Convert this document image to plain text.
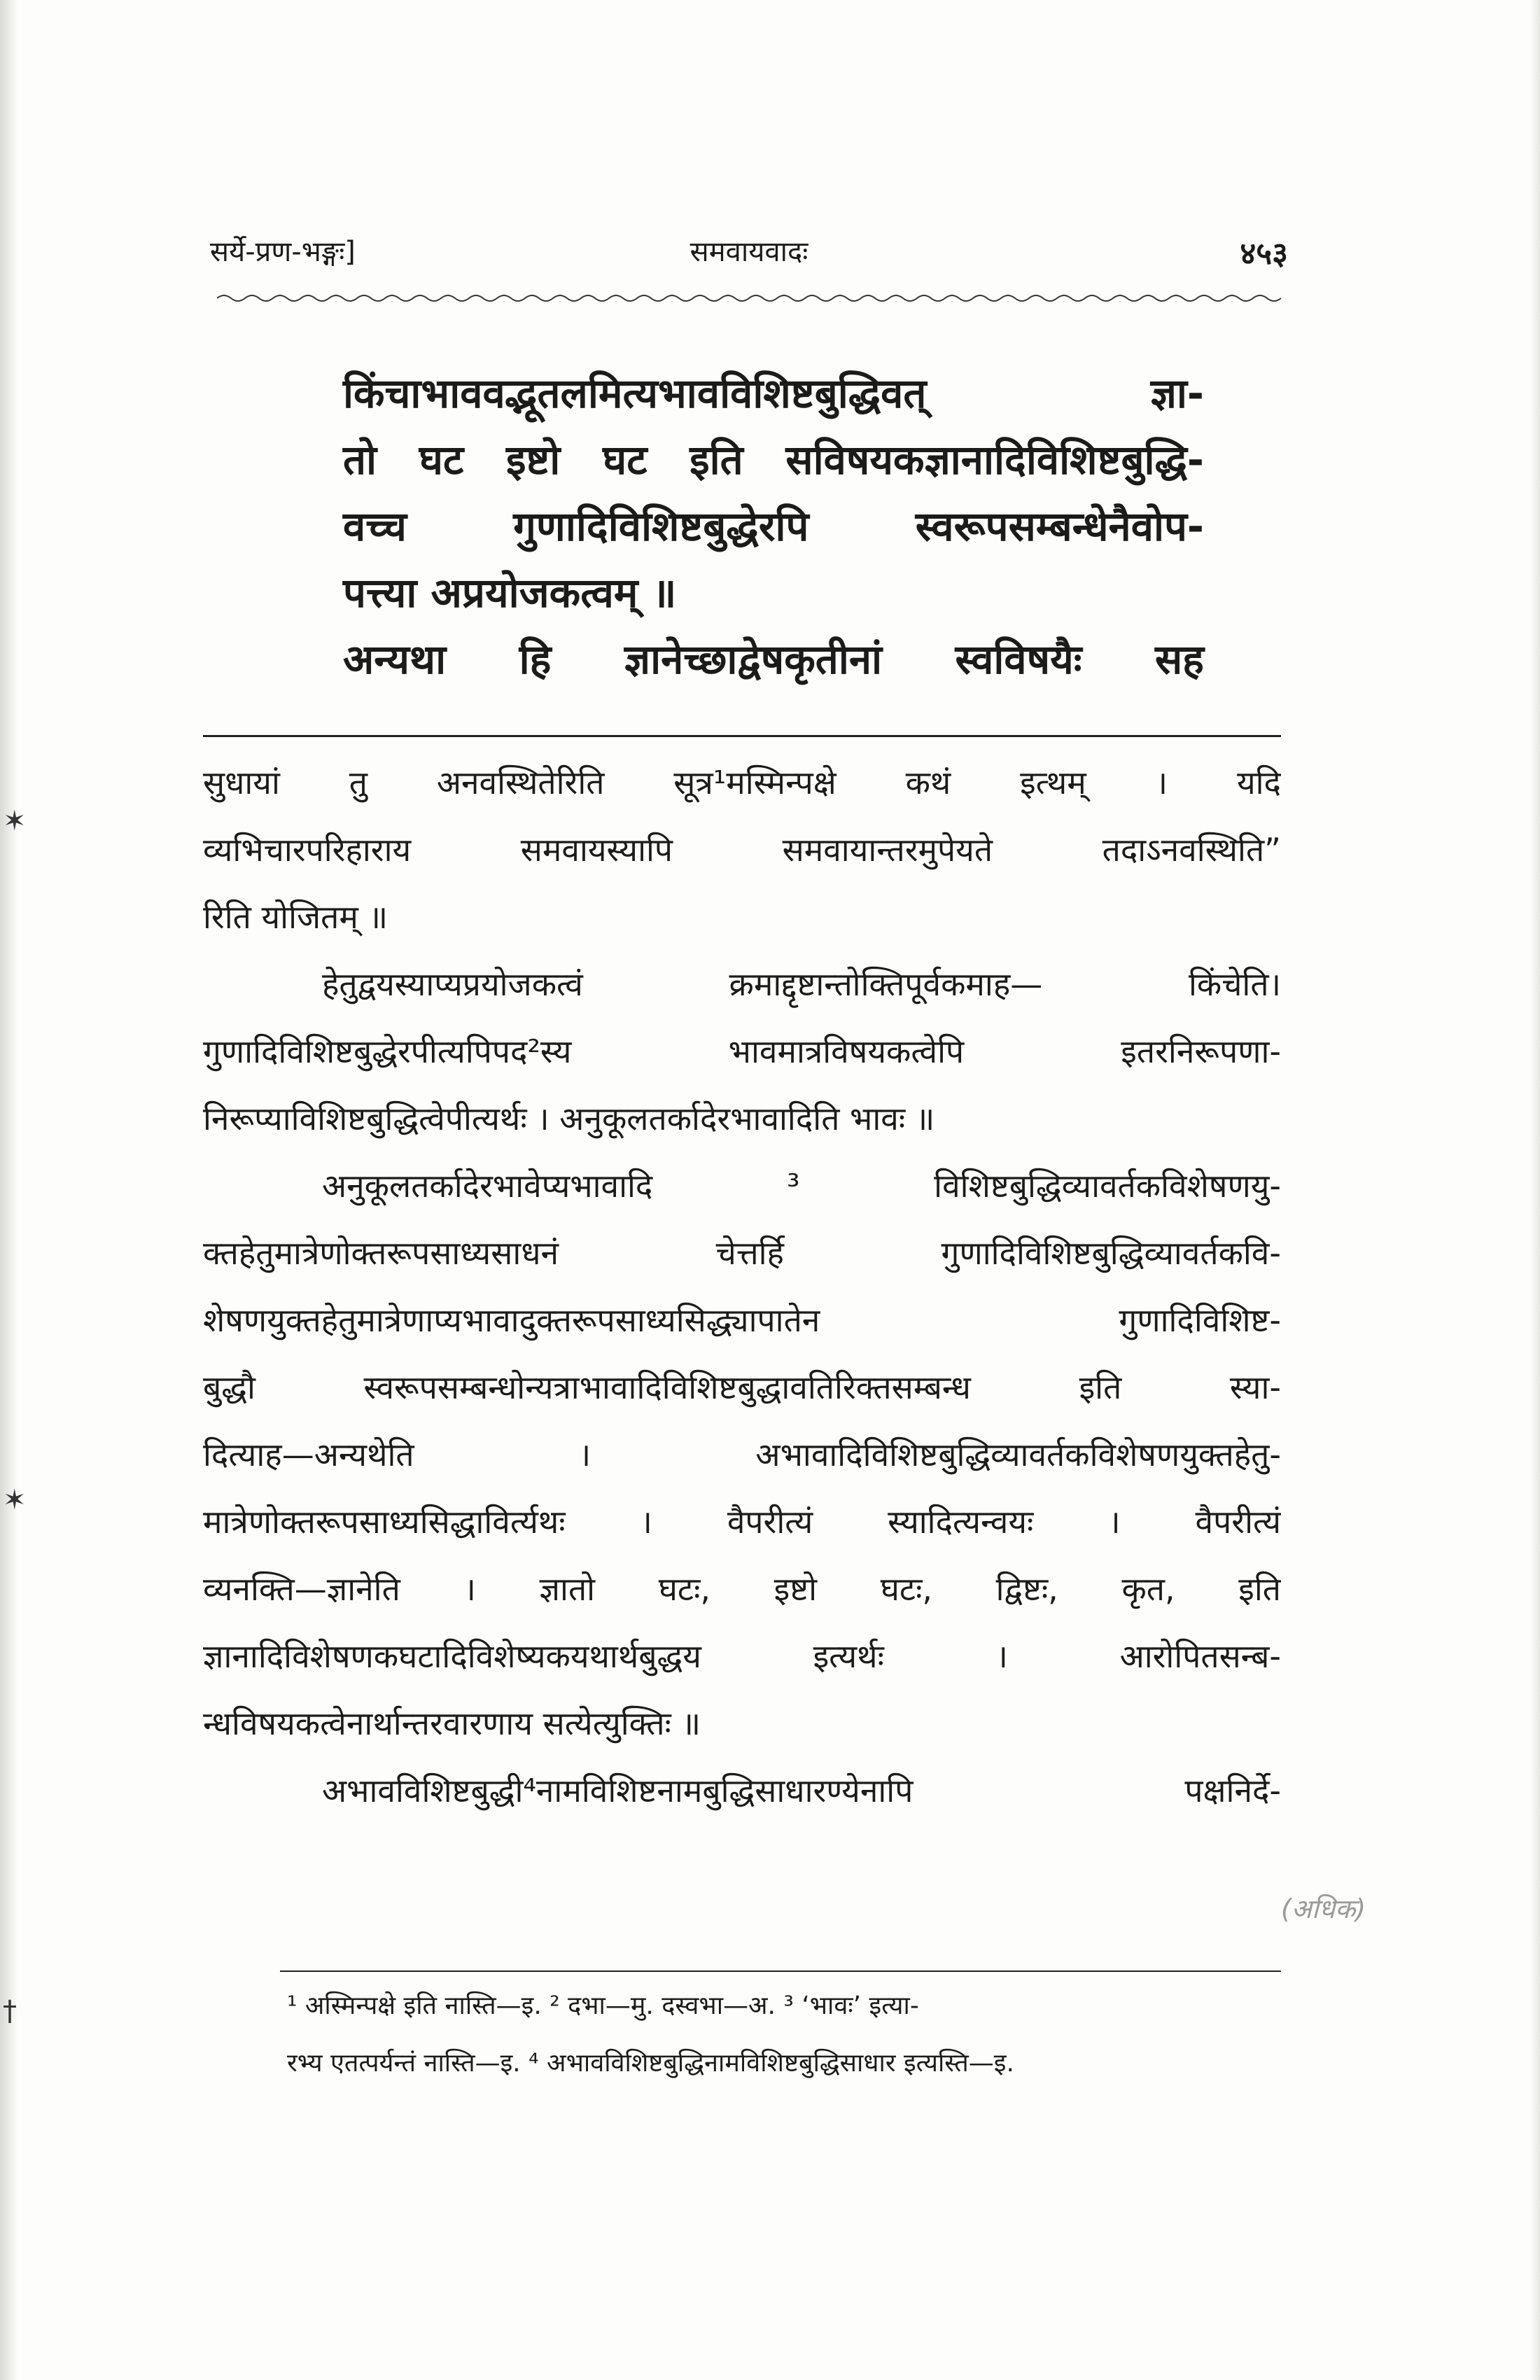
✶
✶
†
सर्ये-प्रण-भङ्गः]	समवायवादः	४५३
किंचाभाववद्भूतलमित्यभावविशिष्टबुद्धिवत् ज्ञा-
तो घट इष्टो घट इति सविषयकज्ञानादिविशिष्टबुद्धि-
वच्च गुणादिविशिष्टबुद्धेरपि स्वरूपसम्बन्धेनैवोप-
पत्त्या अप्रयोजकत्वम् ॥
अन्यथा हि ज्ञानेच्छाद्वेषकृतीनां स्वविषयैः सह
सुधायां तु अनवस्थितेरिति सूत्र¹मस्मिन्पक्षे कथं इत्थम् । यदि
व्यभिचारपरिहाराय समवायस्यापि समवायान्तरमुपेयते तदाऽनवस्थिति”
रिति योजितम् ॥
हेतुद्वयस्याप्यप्रयोजकत्वं क्रमाद्दृष्टान्तोक्तिपूर्वकमाह— किंचेति।
गुणादिविशिष्टबुद्धेरपीत्यपिपद²स्य भावमात्रविषयकत्वेपि इतरनिरूपणा-
निरूप्याविशिष्टबुद्धित्वेपीत्यर्थः । अनुकूलतर्कादेरभावादिति भावः ॥
अनुकूलतर्कादेरभावेप्यभावादि ³ विशिष्टबुद्धिव्यावर्तकविशेषणयु-
क्तहेतुमात्रेणोक्तरूपसाध्यसाधनं चेत्तर्हि गुणादिविशिष्टबुद्धिव्यावर्तकवि-
शेषणयुक्तहेतुमात्रेणाप्यभावादुक्तरूपसाध्यसिद्ध्यापातेन गुणादिविशिष्ट-
बुद्धौ स्वरूपसम्बन्धोन्यत्राभावादिविशिष्टबुद्धावतिरिक्तसम्बन्ध इति स्या-
दित्याह—अन्यथेति । अभावादिविशिष्टबुद्धिव्यावर्तकविशेषणयुक्तहेतु-
मात्रेणोक्तरूपसाध्यसिद्धाविर्त्यथः । वैपरीत्यं स्यादित्यन्वयः । वैपरीत्यं
व्यनक्ति—ज्ञानेति । ज्ञातो घटः, इष्टो घटः, द्विष्टः, कृत, इति
ज्ञानादिविशेषणकघटादिविशेष्यकयथार्थबुद्धय इत्यर्थः । आरोपितसन्ब-
न्धविषयकत्वेनार्थान्तरवारणाय सत्येत्युक्तिः ॥
अभावविशिष्टबुद्धी⁴नामविशिष्टनामबुद्धिसाधारण्येनापि पक्षनिर्दे-
(अधिक)
¹ अस्मिन्पक्षे इति नास्ति—इ. ² दभा—मु. दस्वभा—अ. ³ ‘भावः’ इत्या-
रभ्य एतत्पर्यन्तं नास्ति—इ. ⁴ अभावविशिष्टबुद्धिनामविशिष्टबुद्धिसाधार इत्यस्ति—इ.
